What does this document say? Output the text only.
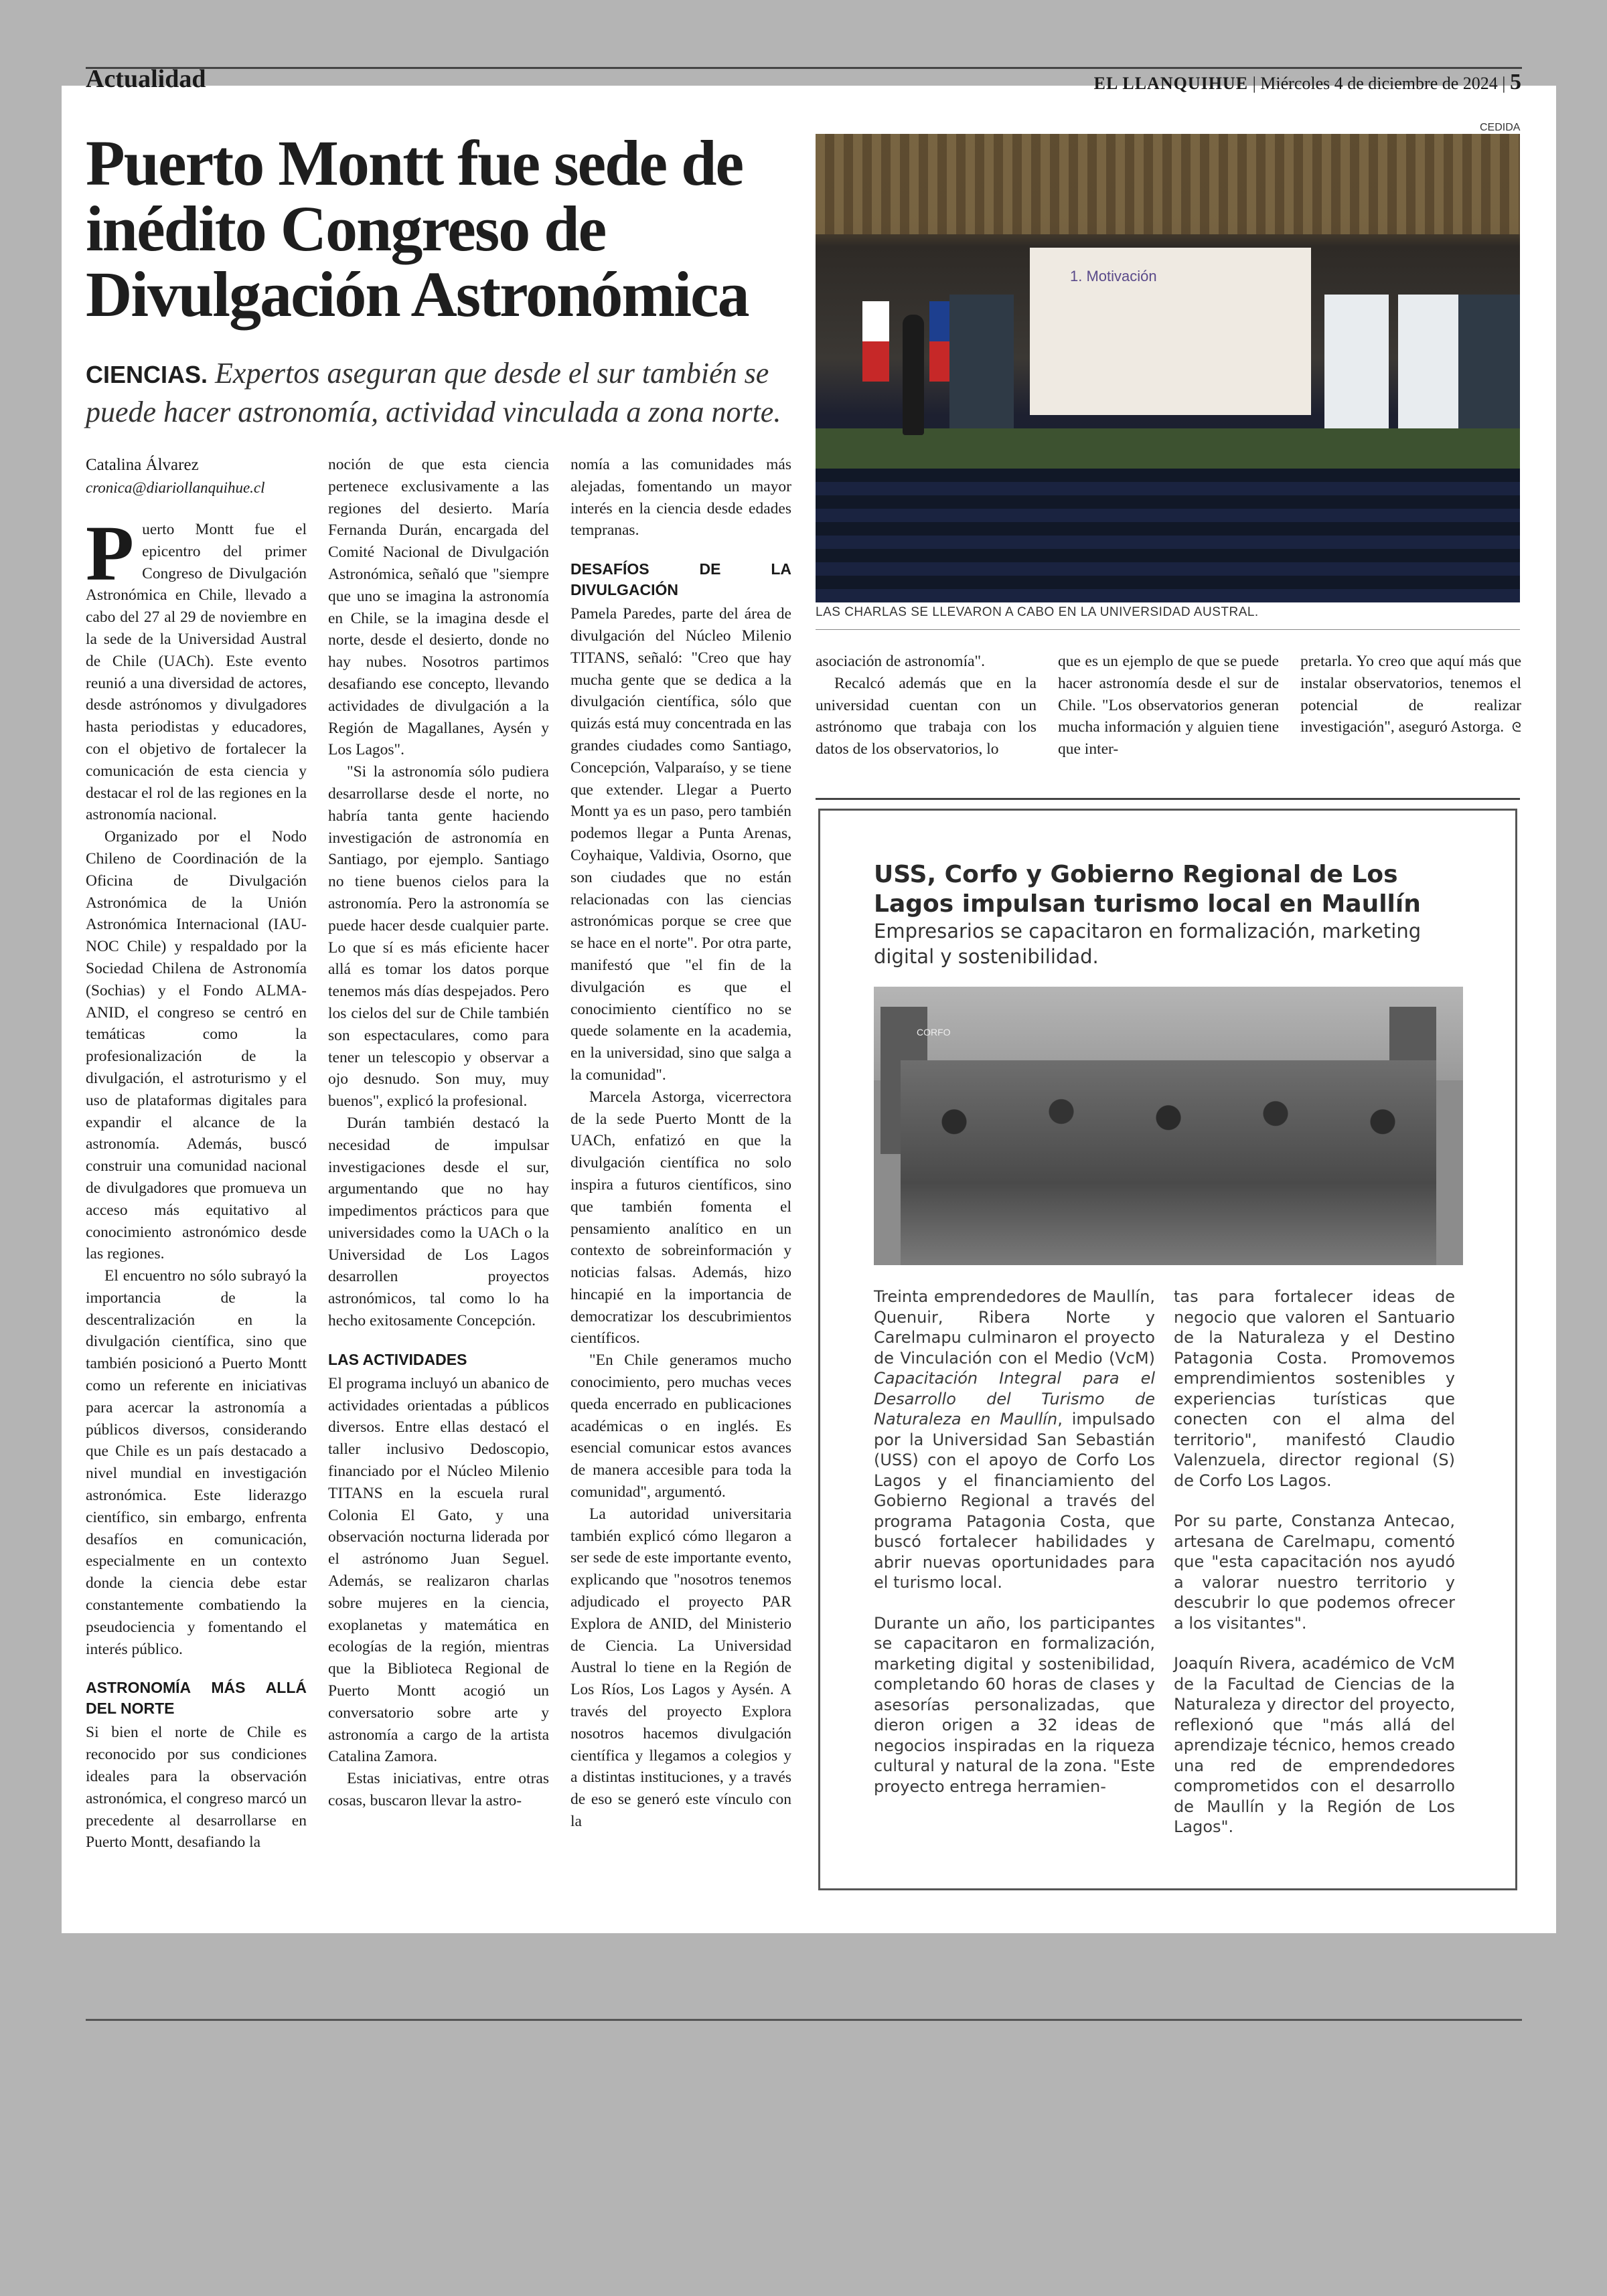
Actualidad	EL LLANQUIHUE | Miércoles 4 de diciembre de 2024 | 5
Puerto Montt fue sede de inédito Congreso de Divulgación Astronómica
CIENCIAS. Expertos aseguran que desde el sur también se puede hacer astronomía, actividad vinculada a zona norte.
Catalina Álvarez
cronica@diariollanquihue.cl

Puerto Montt fue el epicentro del primer Congreso de Divulgación Astronómica en Chile, llevado a cabo del 27 al 29 de noviembre en la sede de la Universidad Austral de Chile (UACh). Este evento reunió a una diversidad de actores, desde astrónomos y divulgadores hasta periodistas y educadores, con el objetivo de fortalecer la comunicación de esta ciencia y destacar el rol de las regiones en la astronomía nacional.

Organizado por el Nodo Chileno de Coordinación de la Oficina de Divulgación Astronómica de la Unión Astronómica Internacional (IAU-NOC Chile) y respaldado por la Sociedad Chilena de Astronomía (Sochias) y el Fondo ALMA-ANID, el congreso se centró en temáticas como la profesionalización de la divulgación, el astroturismo y el uso de plataformas digitales para expandir el alcance de la astronomía. Además, buscó construir una comunidad nacional de divulgadores que promueva un acceso más equitativo al conocimiento astronómico desde las regiones.

El encuentro no sólo subrayó la importancia de la descentralización en la divulgación científica, sino que también posicionó a Puerto Montt como un referente en iniciativas para acercar la astronomía a públicos diversos, considerando que Chile es un país destacado a nivel mundial en investigación astronómica. Este liderazgo científico, sin embargo, enfrenta desafíos en comunicación, especialmente en un contexto donde la ciencia debe estar constantemente combatiendo la pseudociencia y fomentando el interés público.

ASTRONOMÍA MÁS ALLÁ DEL NORTE

Si bien el norte de Chile es reconocido por sus condiciones ideales para la observación astronómica, el congreso marcó un precedente al desarrollarse en Puerto Montt, desafiando la

noción de que esta ciencia pertenece exclusivamente a las regiones del desierto. María Fernanda Durán, encargada del Comité Nacional de Divulgación Astronómica, señaló que "siempre que uno se imagina la astronomía en Chile, se la imagina desde el norte, desde el desierto, donde no hay nubes. Nosotros partimos desafiando ese concepto, llevando actividades de divulgación a la Región de Magallanes, Aysén y Los Lagos".

"Si la astronomía sólo pudiera desarrollarse desde el norte, no habría tanta gente haciendo investigación de astronomía en Santiago, por ejemplo. Santiago no tiene buenos cielos para la astronomía. Pero la astronomía se puede hacer desde cualquier parte. Lo que sí es más eficiente hacer allá es tomar los datos porque tenemos más días despejados. Pero los cielos del sur de Chile también son espectaculares, como para tener un telescopio y observar a ojo desnudo. Son muy, muy buenos", explicó la profesional.

Durán también destacó la necesidad de impulsar investigaciones desde el sur, argumentando que no hay impedimentos prácticos para que universidades como la UACh o la Universidad de Los Lagos desarrollen proyectos astronómicos, tal como lo ha hecho exitosamente Concepción.

LAS ACTIVIDADES

El programa incluyó un abanico de actividades orientadas a públicos diversos. Entre ellas destacó el taller inclusivo Dedoscopio, financiado por el Núcleo Milenio TITANS en la escuela rural Colonia El Gato, y una observación nocturna liderada por el astrónomo Juan Seguel. Además, se realizaron charlas sobre mujeres en la ciencia, exoplanetas y matemática en ecologías de la región, mientras que la Biblioteca Regional de Puerto Montt acogió un conversatorio sobre arte y astronomía a cargo de la artista Catalina Zamora.

Estas iniciativas, entre otras cosas, buscaron llevar la astro-

nomía a las comunidades más alejadas, fomentando un mayor interés en la ciencia desde edades tempranas.

DESAFÍOS DE LA DIVULGACIÓN

Pamela Paredes, parte del área de divulgación del Núcleo Milenio TITANS, señaló: "Creo que hay mucha gente que se dedica a la divulgación científica, sólo que quizás está muy concentrada en las grandes ciudades como Santiago, Concepción, Valparaíso, y se tiene que extender. Llegar a Puerto Montt ya es un paso, pero también podemos llegar a Punta Arenas, Coyhaique, Valdivia, Osorno, que son ciudades que no están relacionadas con las ciencias astronómicas porque se cree que se hace en el norte". Por otra parte, manifestó que "el fin de la divulgación es que el conocimiento científico no se quede solamente en la academia, en la universidad, sino que salga a la comunidad".

Marcela Astorga, vicerrectora de la sede Puerto Montt de la UACh, enfatizó en que la divulgación científica no solo inspira a futuros científicos, sino que también fomenta el pensamiento analítico en un contexto de sobreinformación y noticias falsas. Además, hizo hincapié en la importancia de democratizar los descubrimientos científicos.

"En Chile generamos mucho conocimiento, pero muchas veces queda encerrado en publicaciones académicas o en inglés. Es esencial comunicar estos avances de manera accesible para toda la comunidad", argumentó.

La autoridad universitaria también explicó cómo llegaron a ser sede de este importante evento, explicando que "nosotros tenemos adjudicado el proyecto PAR Explora de ANID, del Ministerio de Ciencia. La Universidad Austral lo tiene en la Región de Los Ríos, Los Lagos y Aysén. A través del proyecto Explora nosotros hacemos divulgación científica y llegamos a colegios y a distintas instituciones, y a través de eso se generó este vínculo con la

CEDIDA
1. Motivación
LAS CHARLAS SE LLEVARON A CABO EN LA UNIVERSIDAD AUSTRAL.

asociación de astronomía".

Recalcó además que en la universidad cuentan con un astrónomo que trabaja con los datos de los observatorios, lo

que es un ejemplo de que se puede hacer astronomía desde el sur de Chile. "Los observatorios generan mucha información y alguien tiene que inter-

pretarla. Yo creo que aquí más que instalar observatorios, tenemos el potencial de realizar investigación", aseguró Astorga. ᘓ

USS, Corfo y Gobierno Regional de Los Lagos impulsan turismo local en Maullín
Empresarios se capacitaron en formalización, marketing digital y sostenibilidad.
CORFO

Treinta emprendedores de Maullín, Quenuir, Ribera Norte y Carelmapu culminaron el proyecto de Vinculación con el Medio (VcM) Capacitación Integral para el Desarrollo del Turismo de Naturaleza en Maullín, impulsado por la Universidad San Sebastián (USS) con el apoyo de Corfo Los Lagos y el financiamiento del Gobierno Regional a través del programa Patagonia Costa, que buscó fortalecer habilidades y abrir nuevas oportunidades para el turismo local.

Durante un año, los participantes se capacitaron en formalización, marketing digital y sostenibilidad, completando 60 horas de clases y asesorías personalizadas, que dieron origen a 32 ideas de negocios inspiradas en la riqueza cultural y natural de la zona. "Este proyecto entrega herramien-

tas para fortalecer ideas de negocio que valoren el Santuario de la Naturaleza y el Destino Patagonia Costa. Promovemos emprendimientos sostenibles y experiencias turísticas que conecten con el alma del territorio", manifestó Claudio Valenzuela, director regional (S) de Corfo Los Lagos.

Por su parte, Constanza Antecao, artesana de Carelmapu, comentó que "esta capacitación nos ayudó a valorar nuestro territorio y descubrir lo que podemos ofrecer a los visitantes".

Joaquín Rivera, académico de VcM de la Facultad de Ciencias de la Naturaleza y director del proyecto, reflexionó que "más allá del aprendizaje técnico, hemos creado una red de emprendedores comprometidos con el desarrollo de Maullín y la Región de Los Lagos".
